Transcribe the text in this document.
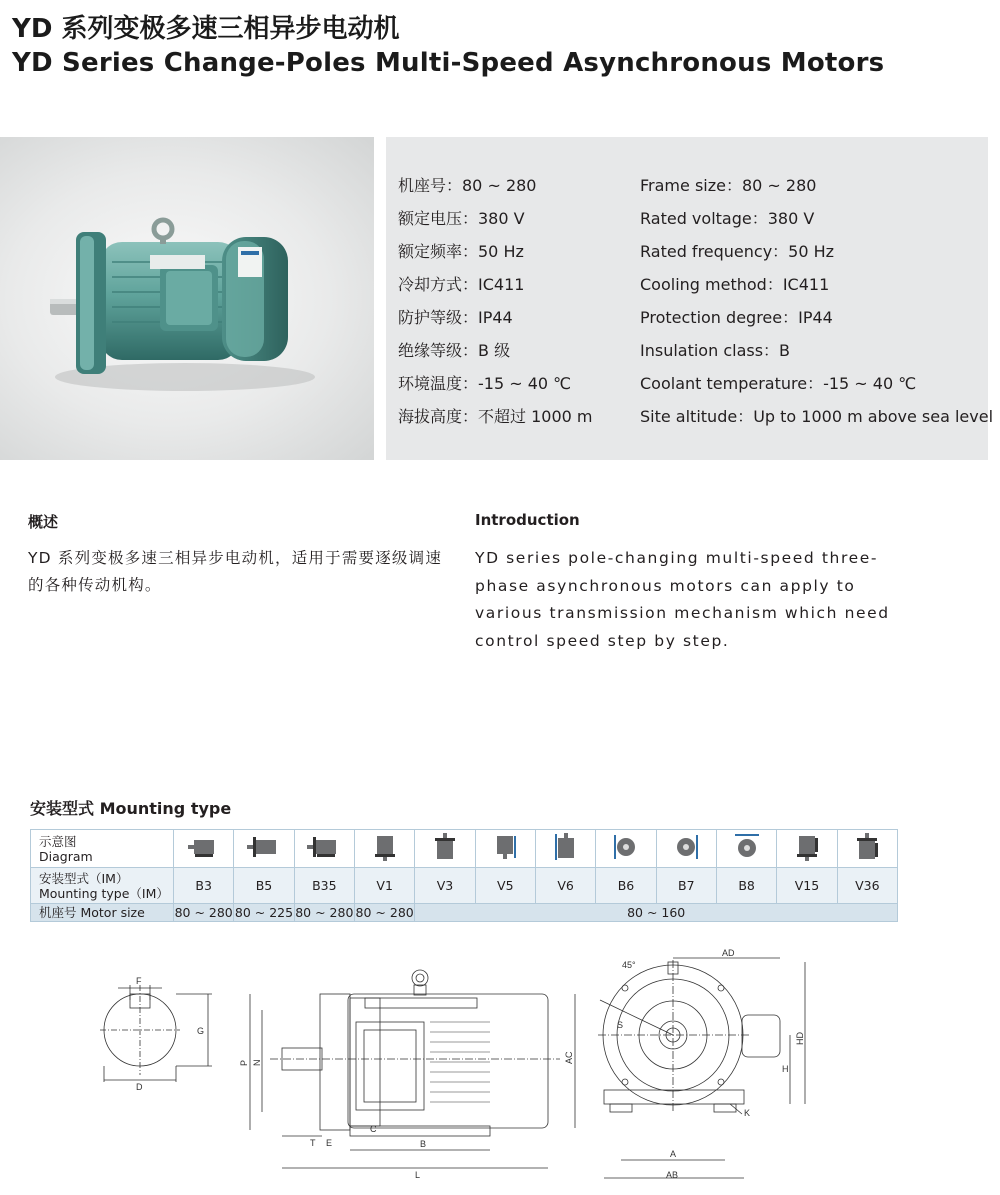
YD 系列变极多速三相异步电动机
YD Series Change-Poles Multi-Speed Asynchronous Motors
机座号：80 ~ 280	Frame size：80 ~ 280
额定电压：380 V	Rated voltage：380 V
额定频率：50 Hz	Rated frequency：50 Hz
冷却方式：IC411	Cooling method：IC411
防护等级：IP44	Protection degree：IP44
绝缘等级：B 级	Insulation class：B
环境温度：-15 ~ 40 ℃	Coolant temperature：-15 ~ 40 ℃
海拔高度：不超过 1000 m	Site altitude：Up to 1000 m above sea level
概述	Introduction
YD 系列变极多速三相异步电动机，适用于需要逐级调速的各种传动机构。
YD series pole-changing multi-speed three-phase asynchronous motors can apply to various transmission mechanism which need control speed step by step.
安装型式 Mounting type
示意图
Diagram

安装型式（IM）
Mounting type（IM）	B3	B5	B35	V1	V3	V5	V6	B6	B7	B8	V15	V36
机座号 Motor size	80 ~ 280	80 ~ 225	80 ~ 280	80 ~ 280	80 ~ 160							
F
G
D
P N	AC
E
C
T	B
L
45°
AD
HD
S
H
K
A
AB
